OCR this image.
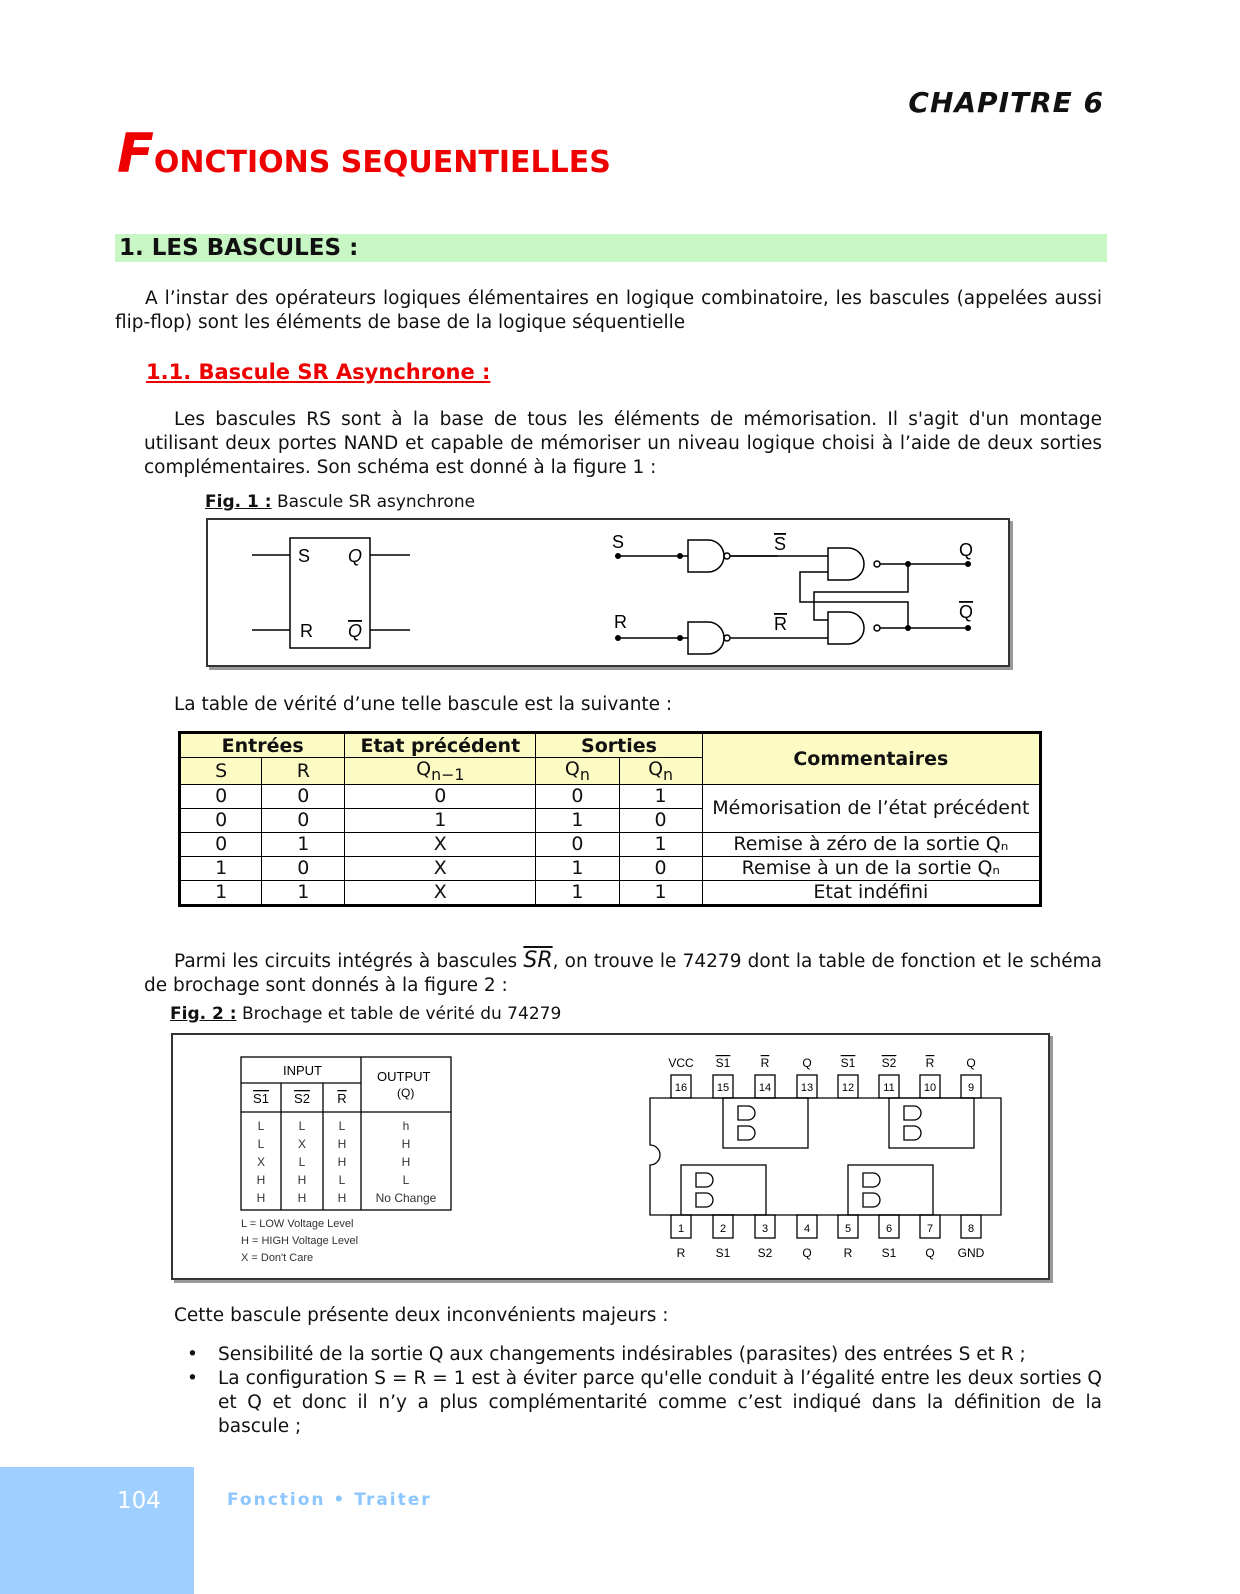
CHAPITRE 6
FONCTIONS SEQUENTIELLES
1. LES BASCULES :
A l’instar des opérateurs logiques élémentaires en logique combinatoire, les bascules (appelées aussi flip-flop) sont les éléments de base de la logique séquentielle
1.1. Bascule SR Asynchrone :
Les bascules RS sont à la base de tous les éléments de mémorisation. Il s'agit d'un montage utilisant deux portes NAND et capable de mémoriser un niveau logique choisi à l’aide de deux sorties complémentaires. Son schéma est donné à la figure 1 :
Fig. 1 : Bascule SR asynchrone
S Q
R Q
S
R
S
R
Q
Q
La table de vérité d’une telle bascule est la suivante :
Entrées		Etat précédent	Sorties		Commentaires
S	R	$Q_{n-1}$	$Q_n$	$\overline{Q}_n$
0	0	0	0	1	Mémorisation de l’état précédent
0	0	1	1	0	
0	1	X	0	1	Remise à zéro de la sortie Qₙ
1	0	X	1	0	Remise à un de la sortie Qₙ
1	1	X	1	1	Etat indéfini
Parmi les circuits intégrés à bascules $\overline{SR}$, on trouve le 74279 dont la table de fonction et le schéma de brochage sont donnés à la figure 2 :
Fig. 2 : Brochage et table de vérité du 74279
INPUT	OUTPUT
(Q)
S1 S2 R
L	L	L	h
L	X	H	H
X	L	H	H
H	H	L	L
H	H	H No Change
L = LOW Voltage Level
H = HIGH Voltage Level
X = Don't Care
16
VCC
15
S1
14
R
13
Q
12
S1
11
S2
10
R
9
Q
1
R
2
S1
3
S2
4
Q
5
R
6
S1
7
Q
8
GND
Cette bascule présente deux inconvénients majeurs :
• Sensibilité de la sortie Q aux changements indésirables (parasites) des entrées S et R ;
• La configuration S = R = 1 est à éviter parce qu'elle conduit à l’égalité entre les deux sorties Q et Q et donc il n’y a plus complémentarité comme c’est indiqué dans la définition de la bascule ;
104	Fonction • Traiter
